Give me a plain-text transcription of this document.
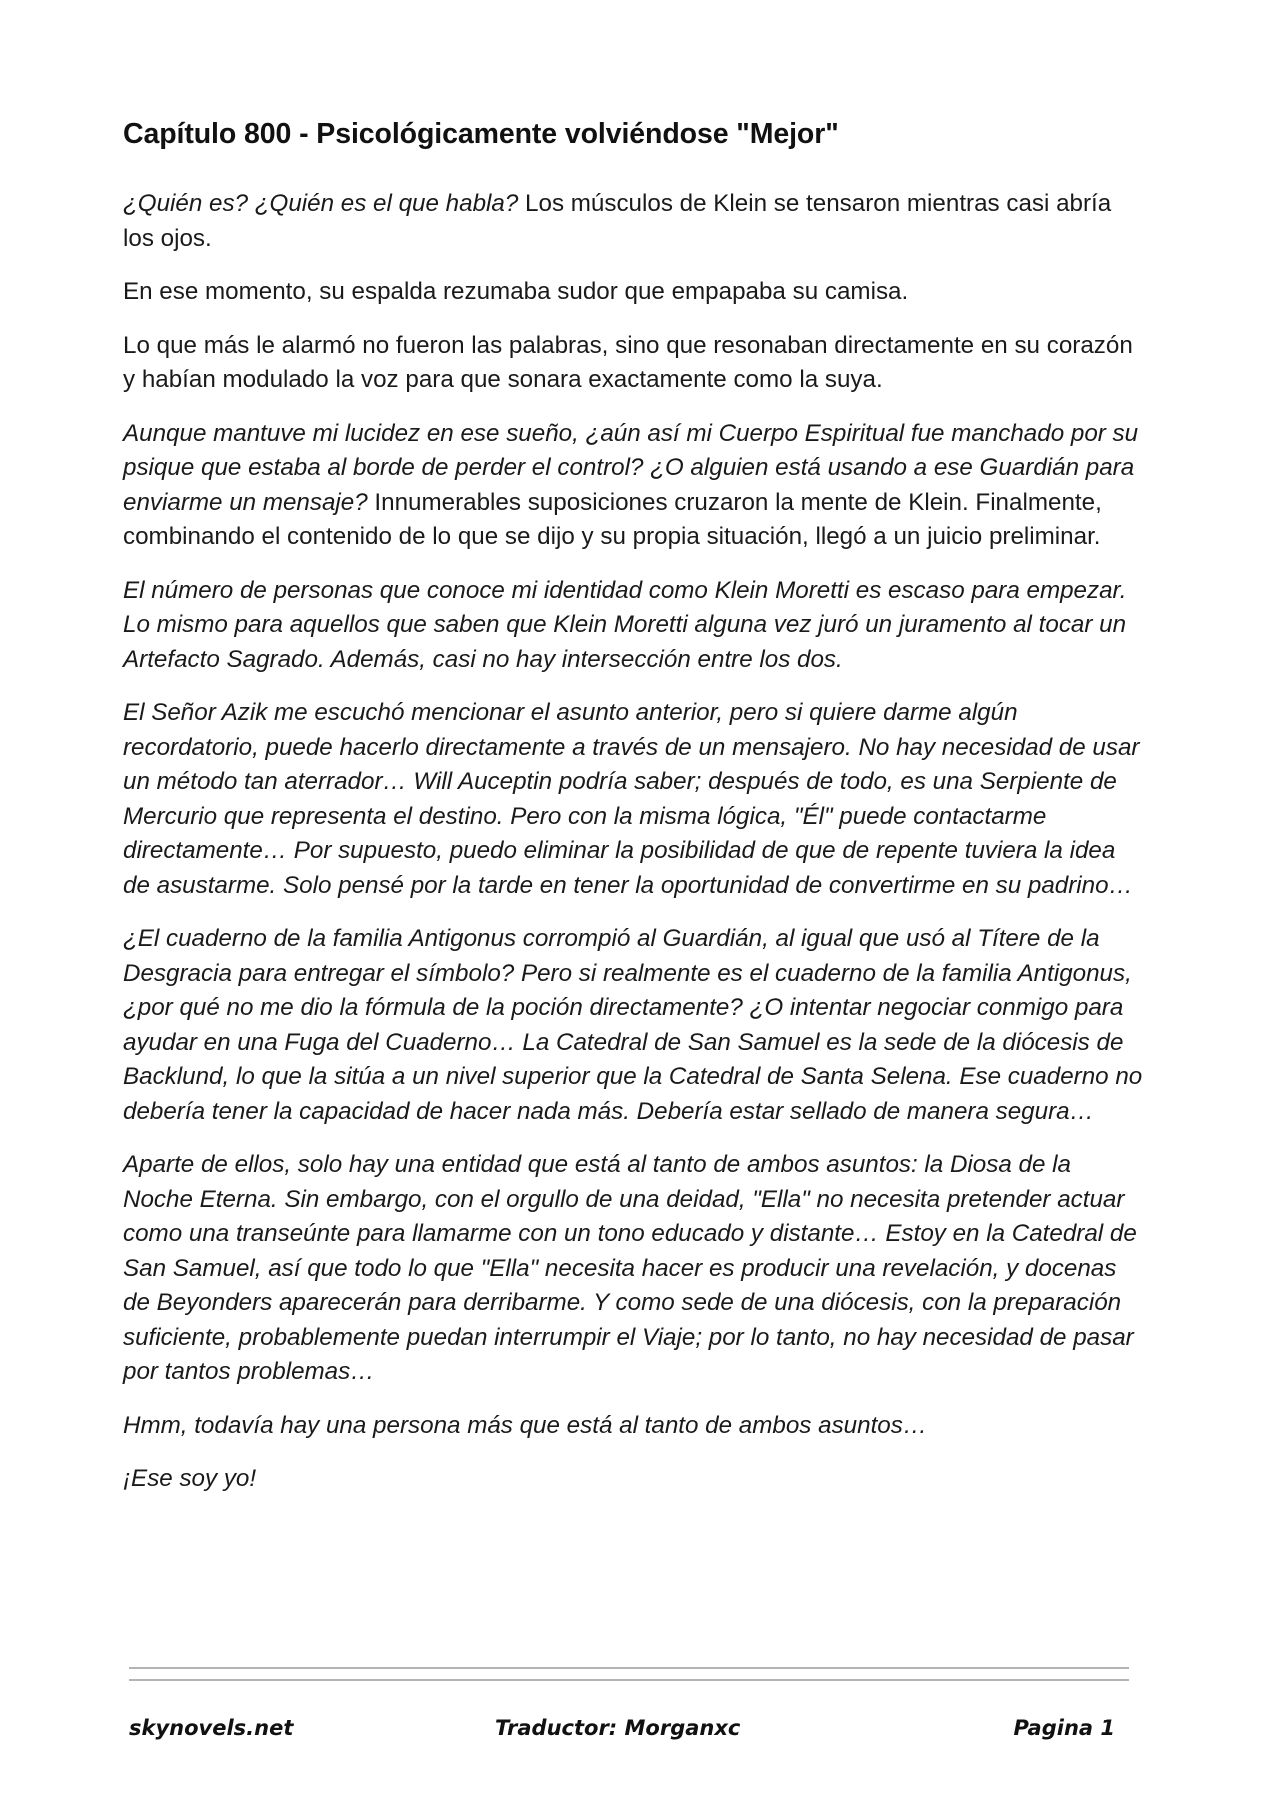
Capítulo 800 - Psicológicamente volviéndose "Mejor"

¿Quién es? ¿Quién es el que habla? Los músculos de Klein se tensaron mientras casi abría los ojos.

En ese momento, su espalda rezumaba sudor que empapaba su camisa.

Lo que más le alarmó no fueron las palabras, sino que resonaban directamente en su corazón y habían modulado la voz para que sonara exactamente como la suya.

Aunque mantuve mi lucidez en ese sueño, ¿aún así mi Cuerpo Espiritual fue manchado por su psique que estaba al borde de perder el control? ¿O alguien está usando a ese Guardián para enviarme un mensaje? Innumerables suposiciones cruzaron la mente de Klein. Finalmente, combinando el contenido de lo que se dijo y su propia situación, llegó a un juicio preliminar.

El número de personas que conoce mi identidad como Klein Moretti es escaso para empezar. Lo mismo para aquellos que saben que Klein Moretti alguna vez juró un juramento al tocar un Artefacto Sagrado. Además, casi no hay intersección entre los dos.

El Señor Azik me escuchó mencionar el asunto anterior, pero si quiere darme algún recordatorio, puede hacerlo directamente a través de un mensajero. No hay necesidad de usar un método tan aterrador… Will Auceptin podría saber; después de todo, es una Serpiente de Mercurio que representa el destino. Pero con la misma lógica, "Él" puede contactarme directamente… Por supuesto, puedo eliminar la posibilidad de que de repente tuviera la idea de asustarme. Solo pensé por la tarde en tener la oportunidad de convertirme en su padrino…

¿El cuaderno de la familia Antigonus corrompió al Guardián, al igual que usó al Títere de la Desgracia para entregar el símbolo? Pero si realmente es el cuaderno de la familia Antigonus, ¿por qué no me dio la fórmula de la poción directamente? ¿O intentar negociar conmigo para ayudar en una Fuga del Cuaderno… La Catedral de San Samuel es la sede de la diócesis de Backlund, lo que la sitúa a un nivel superior que la Catedral de Santa Selena. Ese cuaderno no debería tener la capacidad de hacer nada más. Debería estar sellado de manera segura…

Aparte de ellos, solo hay una entidad que está al tanto de ambos asuntos: la Diosa de la Noche Eterna. Sin embargo, con el orgullo de una deidad, "Ella" no necesita pretender actuar como una transeúnte para llamarme con un tono educado y distante… Estoy en la Catedral de San Samuel, así que todo lo que "Ella" necesita hacer es producir una revelación, y docenas de Beyonders aparecerán para derribarme. Y como sede de una diócesis, con la preparación suficiente, probablemente puedan interrumpir el Viaje; por lo tanto, no hay necesidad de pasar por tantos problemas…

Hmm, todavía hay una persona más que está al tanto de ambos asuntos…

¡Ese soy yo!

skynovels.net	Traductor: Morganxc	Pagina 1
